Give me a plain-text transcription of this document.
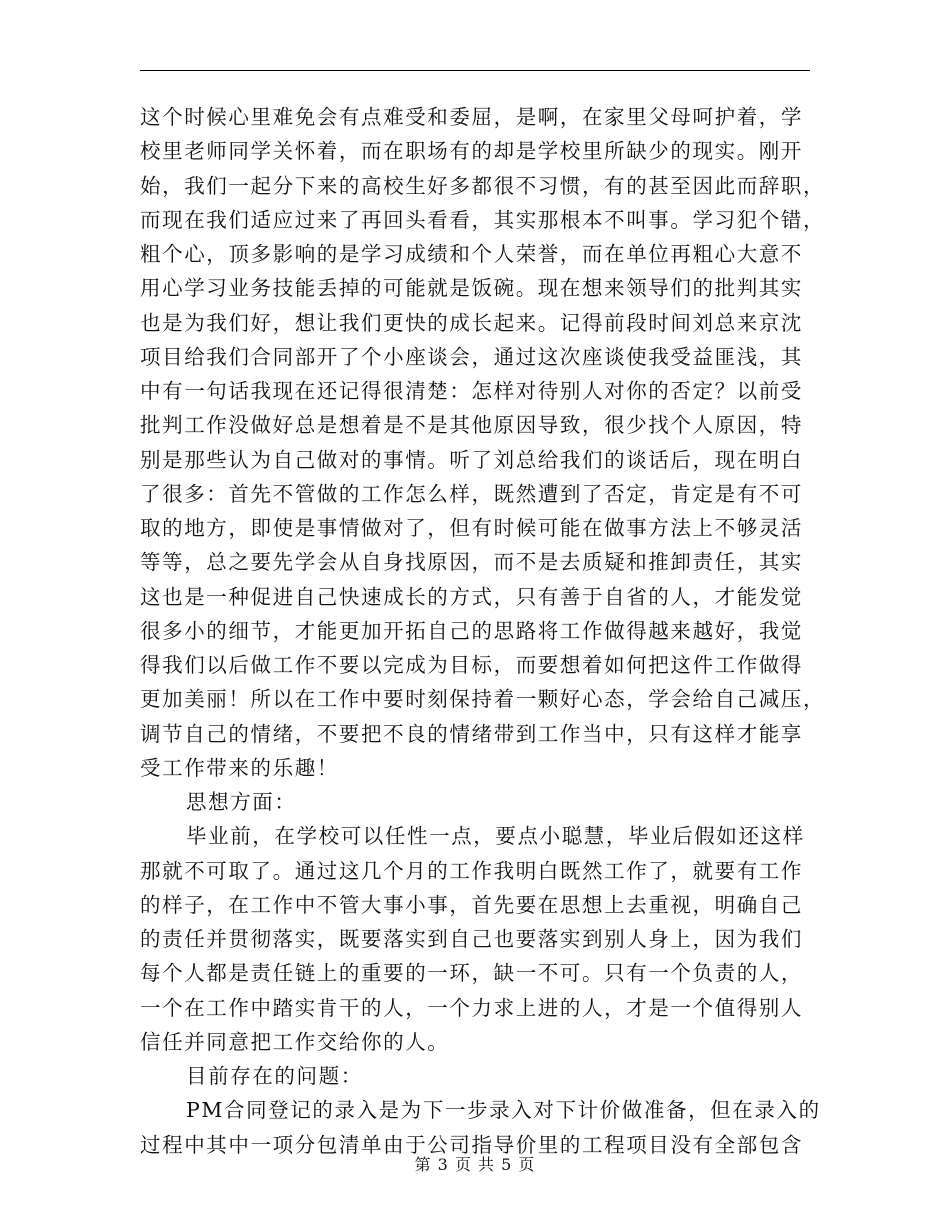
这个时候心里难免会有点难受和委屈，是啊，在家里父母呵护着，学
校里老师同学关怀着，而在职场有的却是学校里所缺少的现实。刚开
始，我们一起分下来的高校生好多都很不习惯，有的甚至因此而辞职，
而现在我们适应过来了再回头看看，其实那根本不叫事。学习犯个错，
粗个心，顶多影响的是学习成绩和个人荣誉，而在单位再粗心大意不
用心学习业务技能丢掉的可能就是饭碗。现在想来领导们的批判其实
也是为我们好，想让我们更快的成长起来。记得前段时间刘总来京沈
项目给我们合同部开了个小座谈会，通过这次座谈使我受益匪浅，其
中有一句话我现在还记得很清楚：怎样对待别人对你的否定？以前受
批判工作没做好总是想着是不是其他原因导致，很少找个人原因，特
别是那些认为自己做对的事情。听了刘总给我们的谈话后，现在明白
了很多：首先不管做的工作怎么样，既然遭到了否定，肯定是有不可
取的地方，即使是事情做对了，但有时候可能在做事方法上不够灵活
等等，总之要先学会从自身找原因，而不是去质疑和推卸责任，其实
这也是一种促进自己快速成长的方式，只有善于自省的人，才能发觉
很多小的细节，才能更加开拓自己的思路将工作做得越来越好，我觉
得我们以后做工作不要以完成为目标，而要想着如何把这件工作做得
更加美丽！所以在工作中要时刻保持着一颗好心态，学会给自己减压，
调节自己的情绪，不要把不良的情绪带到工作当中，只有这样才能享
受工作带来的乐趣！
思想方面：
毕业前，在学校可以任性一点，要点小聪慧，毕业后假如还这样
那就不可取了。通过这几个月的工作我明白既然工作了，就要有工作
的样子，在工作中不管大事小事，首先要在思想上去重视，明确自己
的责任并贯彻落实，既要落实到自己也要落实到别人身上，因为我们
每个人都是责任链上的重要的一环，缺一不可。只有一个负责的人，
一个在工作中踏实肯干的人，一个力求上进的人，才是一个值得别人
信任并同意把工作交给你的人。
目前存在的问题：
PM合同登记的录入是为下一步录入对下计价做准备，但在录入的
过程中其中一项分包清单由于公司指导价里的工程项目没有全部包含
第 3 页 共 5 页
